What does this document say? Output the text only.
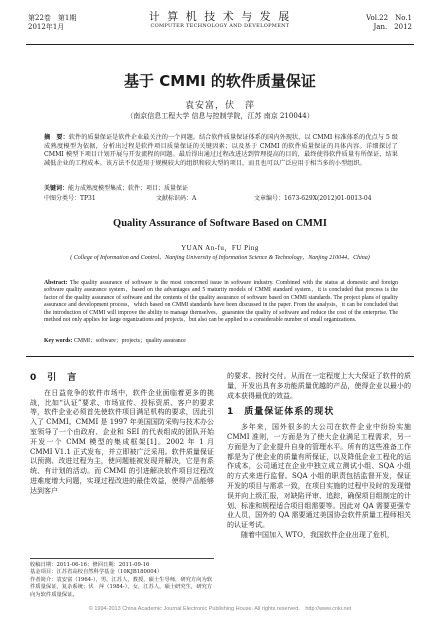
第22卷　第1期
2012年1月
计 算 机 技 术 与 发 展
COMPUTER TECHNOLOGY AND DEVELOPMENT
Vol.22　No.1
Jan.　2012
基于 CMMI 的软件质量保证
袁安富，伏　萍
（南京信息工程大学 信息与控制学院，江苏 南京 210044）
摘　要：软件的质量保证是软件企业最关注的一个问题。结合软件质量保证体系的国内外现状，以 CMMI 标准体系的优点与 5 级成熟度模型为依据，分析出过程是软件项目质量保证的关键因素；以及基于 CMMI 的软件质量保证的具体内容。详细探讨了 CMMI 模型下项目计划开展与开发流程的问题。最后得出通过过程改进达到管理提高的目的，最终使得软件质量有所保证，结果减低企业的工程成本。该方法不仅适用于规模较大的组织和较大型的项目，而且也可以广泛应用于相当多的小型组织。
关键词：能力成熟度模型集成；软件；项目；质量保证
中图分类号：TP31	文献标识码：A	文章编号：1673-629X(2012)01-0013-04
Quality Assurance of Software Based on CMMI
YUAN An-fu，FU Ping
( College of Information and Control，Nanjing University of Information Science & Technology，Nanjing 210044，China)
Abstract: The quality assurance of software is the most concerned issue in software industry. Combined with the status at domestic and foreign software quality assurance system，based on the advantages and 5 maturity models of CMMI standard system，it is concluded that process is the factor of the quality assurance of software and the contents of the quality assurance of software based on CMMI standards. The project plans of quality assurance and development process，which based on CMMI standards have been discussed in the paper. From the analysis，it can be concluded that the introduction of CMMI will improve the ability to manage themselves，guarantee the quality of software and reduce the cost of the enterprise. The method not only applies for large organizations and projects，but also can be applied to a considerable number of small organizations.
Key words: CMMI；software；projects；quality assurance
0　引　言

在日益竞争的软件市场中，软件企业面临着更多的挑战，比如“认证”要求、市场宣传、投标资质、客户的要求等，软件企业必须首先使软件项目满足机构的要求，因此引入了 CMMI。CMMI 是 1997 年美国国防采购与技术办公室领导了一个由政府、企业和 SEI 的代表组成的团队开始开发一个 CMM 模型的集成框架[1]。2002 年 1 月 CMMI V1.1 正式发布，并立即被广泛采用。软件质量保证以预测、改进过程为主，使问题能被发现并解决，它是有系统、有计划的活动。而 CMMI 的引进解决软件项目过程改进难度增大问题，实现过程改进的最佳效益，使得产品能够达到客户

的要求、按时交付。从而在一定程度上大大保证了软件的质量，开发出具有多功能质量优越的产品，使得企业以最小的成本获得最优的效益。

1　质量保证体系的现状

多年来，国外很多的大公司在软件企业中纷纷实施 CMMI 准则，一方面是为了使大企业满足工程需求，另一方面是为了企业提升自身的管理水平。所有的这些准备工作都是为了使企业的质量有所保证，以及降低企业工程化的运作成本，公司通过在企业中独立成立测试小组、SQA 小组的方式来进行监督。SQA 小组的职责包括监督开发，保证开发的项目与需求一致，在项目实施的过程中及时的发现错误并向上级汇报，对缺陷评审、追踪，确保项目组制定的计划、标准和规程适合项目组需要等。因此对 QA 需要更强专业人员，国外的 QA 需要通过美国协会软件质量工程师相关的认证考试。

随着中国加入 WTO，我国软件企业出现了危机，

收稿日期：2011-06-16；修回日期：2011-09-16
基金项目：江苏省高校自然科学基金（10KJB180004）
作者简介：袁安富（1964-），男，江苏人，教授，硕士生导师，研究方向为软件质量保证、复杂系统；伏　萍（1984-），女，江苏人，硕士研究生，研究方向为软件质量保证。
© 1994-2013 China Academic Journal Electronic Publishing House. All rights reserved.　http://www.cnki.net
